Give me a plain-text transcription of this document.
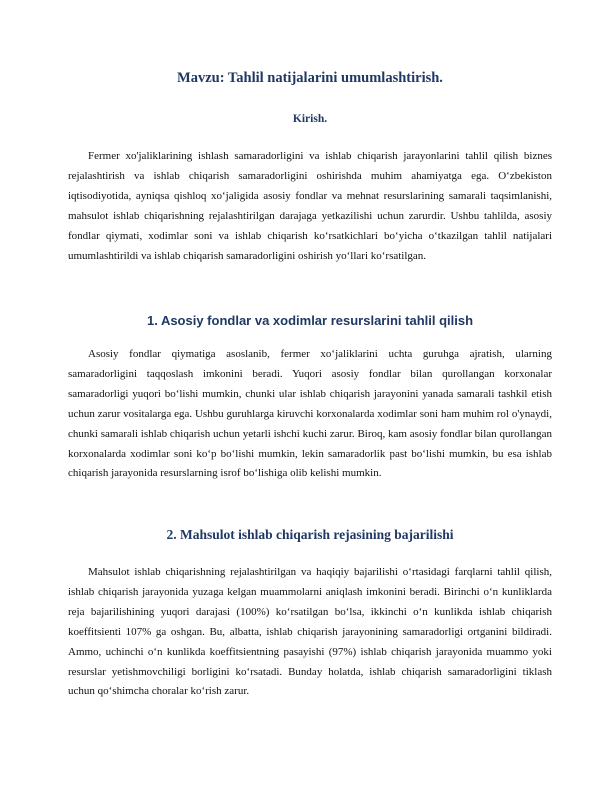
Mavzu: Tahlil natijalarini umumlashtirish.
Kirish.

Fermer xo'jaliklarining ishlash samaradorligini va ishlab chiqarish jarayonlarini tahlil qilish biznes rejalashtirish va ishlab chiqarish samaradorligini oshirishda muhim ahamiyatga ega. O‘zbekiston iqtisodiyotida, ayniqsa qishloq xo‘jaligida asosiy fondlar va mehnat resurslarining samarali taqsimlanishi, mahsulot ishlab chiqarishning rejalashtirilgan darajaga yetkazilishi uchun zarurdir. Ushbu tahlilda, asosiy fondlar qiymati, xodimlar soni va ishlab chiqarish ko‘rsatkichlari bo‘yicha o‘tkazilgan tahlil natijalari umumlashtirildi va ishlab chiqarish samaradorligini oshirish yo‘llari ko‘rsatilgan.

1. Asosiy fondlar va xodimlar resurslarini tahlil qilish

Asosiy fondlar qiymatiga asoslanib, fermer xo‘jaliklarini uchta guruhga ajratish, ularning samaradorligini taqqoslash imkonini beradi. Yuqori asosiy fondlar bilan qurollangan korxonalar samaradorligi yuqori bo‘lishi mumkin, chunki ular ishlab chiqarish jarayonini yanada samarali tashkil etish uchun zarur vositalarga ega. Ushbu guruhlarga kiruvchi korxonalarda xodimlar soni ham muhim rol o'ynaydi, chunki samarali ishlab chiqarish uchun yetarli ishchi kuchi zarur. Biroq, kam asosiy fondlar bilan qurollangan korxonalarda xodimlar soni ko‘p bo‘lishi mumkin, lekin samaradorlik past bo‘lishi mumkin, bu esa ishlab chiqarish jarayonida resurslarning isrof bo‘lishiga olib kelishi mumkin.

2. Mahsulot ishlab chiqarish rejasining bajarilishi

Mahsulot ishlab chiqarishning rejalashtirilgan va haqiqiy bajarilishi o‘rtasidagi farqlarni tahlil qilish, ishlab chiqarish jarayonida yuzaga kelgan muammolarni aniqlash imkonini beradi. Birinchi o‘n kunliklarda reja bajarilishining yuqori darajasi (100%) ko‘rsatilgan bo‘lsa, ikkinchi o‘n kunlikda ishlab chiqarish koeffitsienti 107% ga oshgan. Bu, albatta, ishlab chiqarish jarayonining samaradorligi ortganini bildiradi. Ammo, uchinchi o‘n kunlikda koeffitsientning pasayishi (97%) ishlab chiqarish jarayonida muammo yoki resurslar yetishmovchiligi borligini ko‘rsatadi. Bunday holatda, ishlab chiqarish samaradorligini tiklash uchun qo‘shimcha choralar ko‘rish zarur.
